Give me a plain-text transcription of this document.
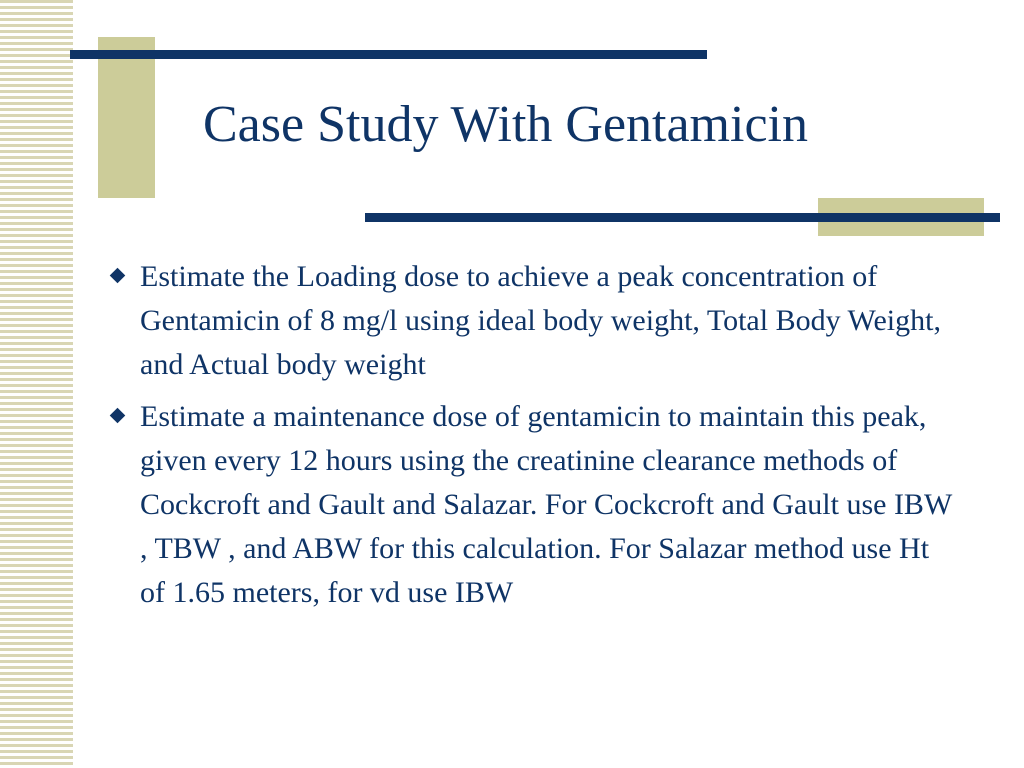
Case Study With Gentamicin
Estimate the Loading dose to achieve a peak concentration of Gentamicin of 8 mg/l using ideal body weight, Total Body Weight, and Actual body weight
Estimate a maintenance dose of gentamicin to maintain this peak, given every 12 hours using the creatinine clearance methods of Cockcroft and Gault and Salazar. For Cockcroft and Gault use IBW , TBW , and ABW for this calculation. For Salazar method use Ht of 1.65 meters, for vd use IBW
